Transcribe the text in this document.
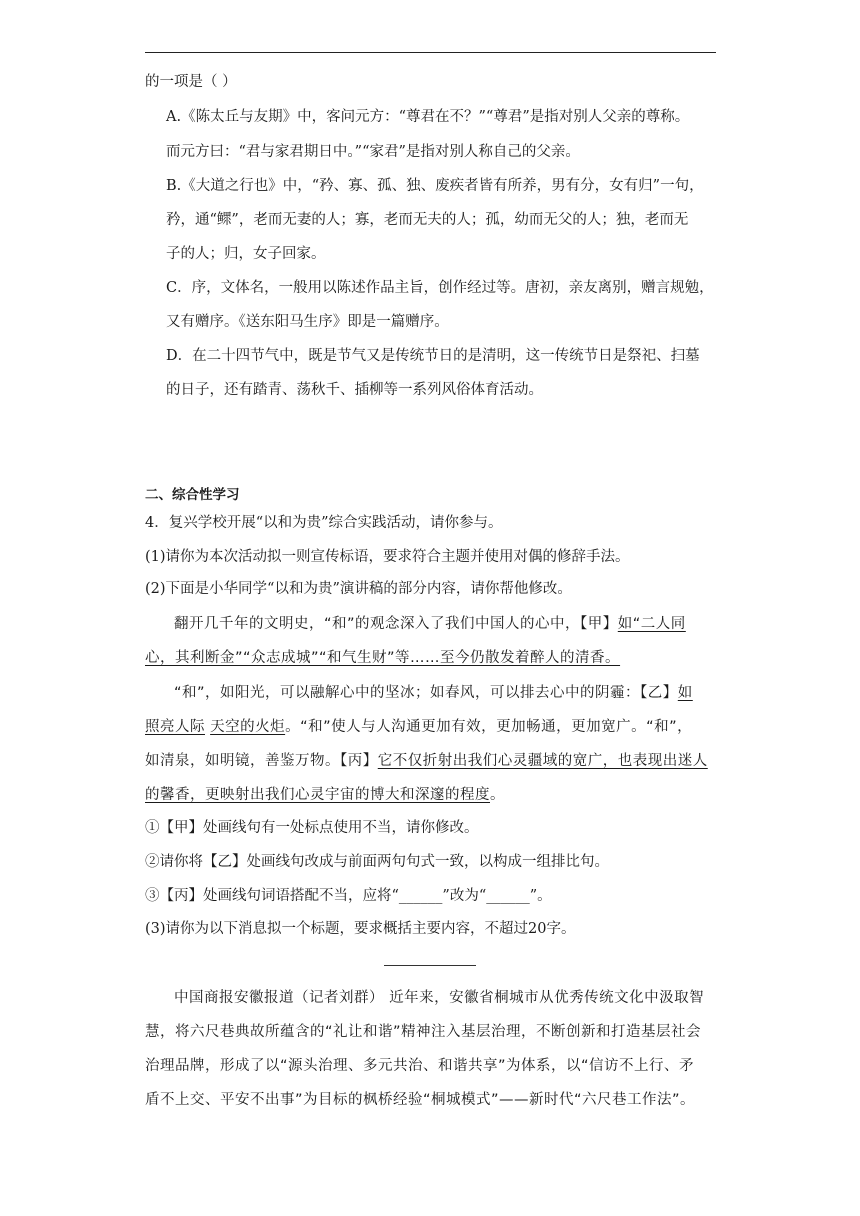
的一项是（ ）
A.《陈太丘与友期》中，客问元方：“尊君在不？”“尊君”是指对别人父亲的尊称。
而元方曰：“君与家君期日中。”“家君”是指对别人称自己的父亲。
B.《大道之行也》中，“矜、寡、孤、独、废疾者皆有所养，男有分，女有归”一句，
矜，通“鳏”，老而无妻的人；寡，老而无夫的人；孤，幼而无父的人；独，老而无
子的人；归，女子回家。
C．序，文体名，一般用以陈述作品主旨，创作经过等。唐初，亲友离别，赠言规勉，
又有赠序。《送东阳马生序》即是一篇赠序。
D．在二十四节气中，既是节气又是传统节日的是清明，这一传统节日是祭祀、扫墓
的日子，还有踏青、荡秋千、插柳等一系列风俗体育活动。
二、综合性学习
4．复兴学校开展“以和为贵”综合实践活动，请你参与。
(1)请你为本次活动拟一则宣传标语，要求符合主题并使用对偶的修辞手法。
(2)下面是小华同学“以和为贵”演讲稿的部分内容，请你帮他修改。
翻开几千年的文明史，“和”的观念深入了我们中国人的心中，【甲】如“二人同
心，其利断金”“众志成城”“和气生财”等……至今仍散发着醉人的清香。
“和”，如阳光，可以融解心中的坚冰；如春风，可以排去心中的阴霾：【乙】如
照亮人际 天空的火炬。“和”使人与人沟通更加有效，更加畅通，更加宽广。“和”，
如清泉，如明镜，善鉴万物。【丙】它不仅折射出我们心灵疆域的宽广，也表现出迷人
的馨香，更映射出我们心灵宇宙的博大和深邃的程度。
①【甲】处画线句有一处标点使用不当，请你修改。
②请你将【乙】处画线句改成与前面两句句式一致，以构成一组排比句。
③【丙】处画线句词语搭配不当，应将“______”改为“______”。
(3)请你为以下消息拟一个标题，要求概括主要内容，不超过20字。
中国商报安徽报道（记者刘群） 近年来，安徽省桐城市从优秀传统文化中汲取智
慧，将六尺巷典故所蕴含的“礼让和谐”精神注入基层治理，不断创新和打造基层社会
治理品牌，形成了以“源头治理、多元共治、和谐共享”为体系，以“信访不上行、矛
盾不上交、平安不出事”为目标的枫桥经验“桐城模式”——新时代“六尺巷工作法”。
